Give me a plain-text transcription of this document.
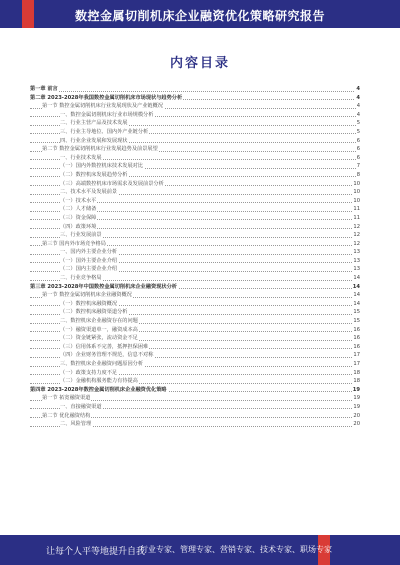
数控金属切削机床企业融资优化策略研究报告
内容目录
第一章 前言	4
第二章 2023-2028年我国数控金属切削机床市场现状与趋势分析	4
第一节 数控金属切削机床行业发展现状及产业链概况	4
一、数控金属切削机床行业市场规模分析	4
二、行业主营产品及技术发展	5
三、行业主导地位、国内外产业链分析	5
四、行业企业发展和发展现状	6
第二节 数控金属切削机床行业发展趋势及前景展望	6
一、行业技术发展	6
（一）国内外数控机床技术发展对比	7
（二）数控机床发展趋势分析	8
（三）高端数控机床市场需求及发展前景分析	10
二、技术水平及发展前景	10
（一）技术水平	10
（二）人才储备	11
（三）资金保障	11
（四）政策环境	12
三、行业发展前景	12
第三节 国内外市场竞争格局	12
一、国内外主要企业分析	13
（一）国外主要企业介绍	13
（二）国内主要企业介绍	13
二、行业竞争格局	14
第三章 2023-2028年中国数控金属切削机床企业融资现状分析	14
第一节 数控金属切削机床企业融资概况	14
（一）数控机床融资概况	14
（二）数控机床融资渠道分析	15
二、数控机床企业融资存在的问题	15
（一）融资渠道单一，融资成本高	16
（二）资金链紧张，流动资金不足	16
（三）信用体系不完善，抵押担保困难	16
（四）企业财务管理不规范，信息不对称	17
三、数控机床企业融资问题原因分析	17
（一）政策支持力度不足	18
（二）金融机构服务能力有待提高	18
第四章 2023-2028年数控金属切削机床企业融资优化策略	19
第一节 拓宽融资渠道	19
一、直接融资渠道	19
第二节 优化融资结构	20
二、风险管理	20
让每个人平等地提升自我
行业专家、管理专家、营销专家、技术专家、职场专家
